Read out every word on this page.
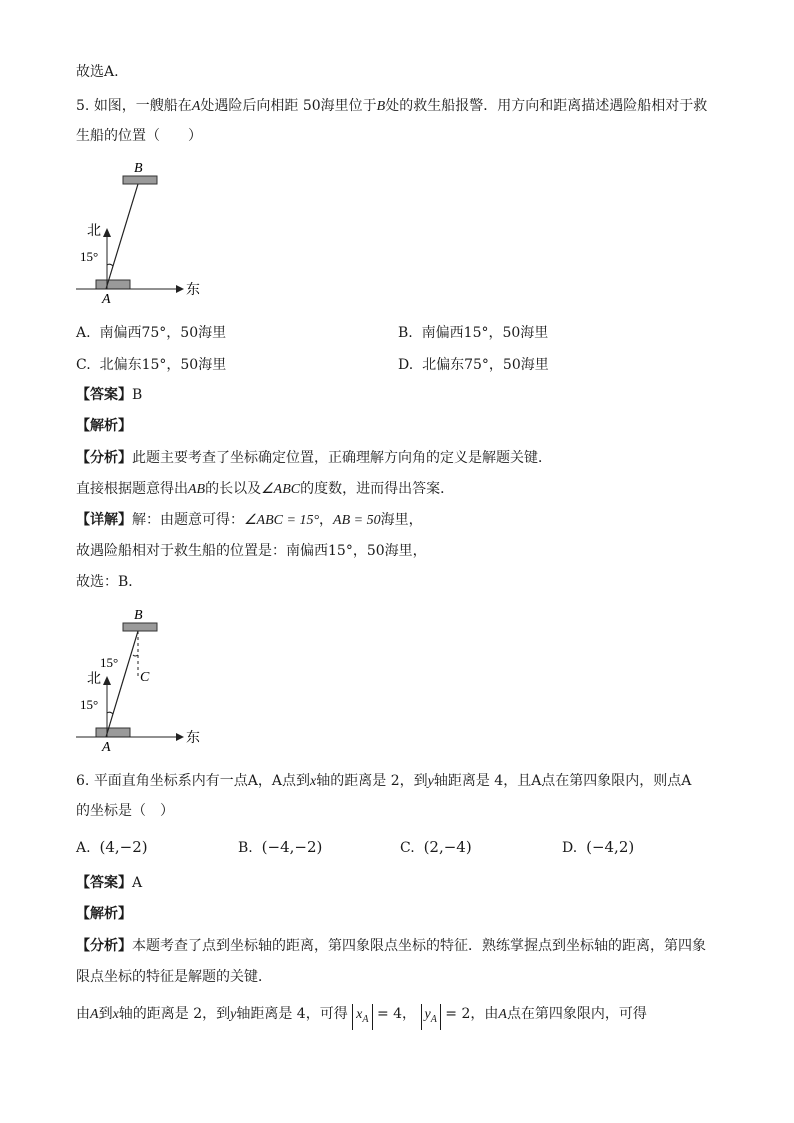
故选A.
5. 如图，一艘船在A处遇险后向相距 50海里位于B处的救生船报警．用方向和距离描述遇险船相对于救
生船的位置（　　）
B
北
15°
A
东
A. 南偏西75°，50海里	B. 南偏西15°，50海里
C. 北偏东15°，50海里	D. 北偏东75°，50海里
【答案】B
【解析】
【分析】此题主要考查了坐标确定位置，正确理解方向角的定义是解题关键．
直接根据题意得出AB的长以及∠ABC的度数，进而得出答案．
【详解】解：由题意可得：∠ABC = 15°，AB = 50海里，
故遇险船相对于救生船的位置是：南偏西15°，50海里，
故选：B．
B
15°
C
北
15°
A
东
6. 平面直角坐标系内有一点A，A点到x轴的距离是 2，到y轴距离是 4，且A点在第四象限内，则点A
的坐标是（　）
A. (4,−2)	B. (−4,−2)	C. (2,−4)	D. (−4,2)
【答案】A
【解析】
【分析】本题考查了点到坐标轴的距离，第四象限点坐标的特征．熟练掌握点到坐标轴的距离，第四象
限点坐标的特征是解题的关键．
由A到x轴的距离是 2，到y轴距离是 4，可得 $x_A = 4$， $y_A = 2$，由A点在第四象限内，可得
